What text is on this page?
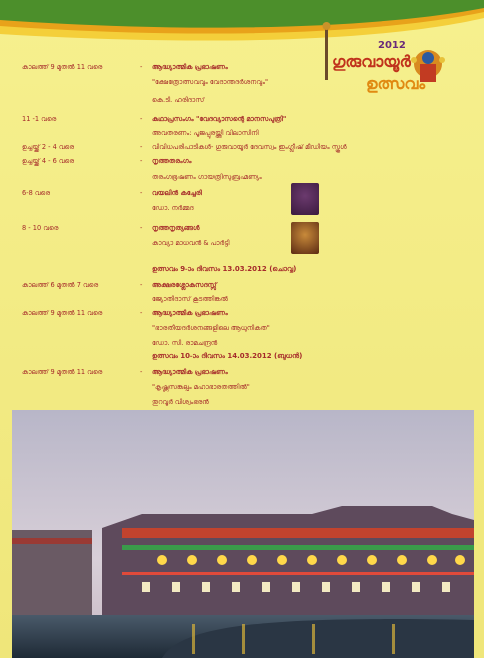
2012
ഗുരുവായൂർ
ഉത്സവം
കാലത്ത് 9 മുതൽ 11 വരെ	- ആദ്ധ്യാത്മിക പ്രഭാഷണം
"ക്ഷേത്രോത്സവവും വേദാന്തദർശനവും"
കെ.ടി. ഹരിദാസ്
11 -1 വരെ	- കഥാപ്രസംഗം "വേദവ്യാസന്റെ മാനസപുത്രി"
അവതരണം: പൂജപ്പുരയ്ത്തി വിലാസിനി
ഉച്ചയ്ക്ക് 2 - 4 വരെ	- വിവിധപരിപാടികൾ- ഗുരുവായൂർ ദേവസ്വം ഇംഗ്ലീഷ് മീഡിയം സ്കൂൾ
ഉച്ചയ്ക്ക് 4 - 6 വരെ	- നൃത്തതരംഗം
തരംഗഭൂഷണം ഗായത്രിസുബ്രഹ്മണ്യം
6-8 വരെ	- വയലിൻ കച്ചേരി
ഡോ. നർമ്മദ
8 - 10 വരെ	- നൃത്തനൃത്യങ്ങൾ
കാവ്യാ മാധവൻ & പാർട്ടി
ഉത്സവം 9-ാം ദിവസം 13.03.2012 (ചൊവ്വ)
കാലത്ത് 6 മുതൽ 7 വരെ	- അക്ഷരശ്ലോകസദസ്സ്
ജ്യോതിദാസ് കൂടത്തിങ്കൽ
കാലത്ത് 9 മുതൽ 11 വരെ	- ആദ്ധ്യാത്മിക പ്രഭാഷണം
"ഭാരതീയദർശനങ്ങളിലെ ആധുനികത"
ഡോ. സി. രാമചന്ദ്രൻ
ഉത്സവം 10-ാം ദിവസം 14.03.2012 (ബുധൻ)
കാലത്ത് 9 മുതൽ 11 വരെ	- ആദ്ധ്യാത്മിക പ്രഭാഷണം
"കൃഷ്ണസങ്കല്പം മഹാഭാരതത്തിൽ"
തുറവൂർ വിശ്വംഭരൻ
